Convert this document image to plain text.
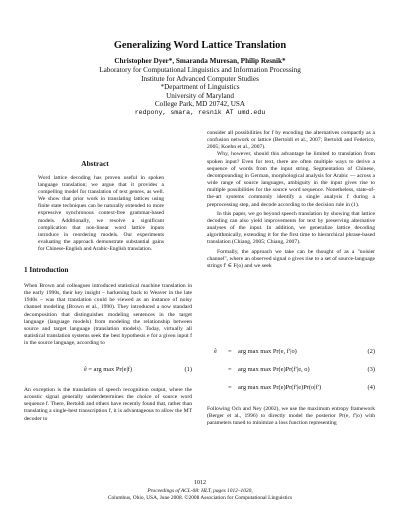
Generalizing Word Lattice Translation
Christopher Dyer*, Smaranda Muresan, Philip Resnik*
Laboratory for Computational Linguistics and Information Processing
Institute for Advanced Computer Studies
*Department of Linguistics
University of Maryland
College Park, MD 20742, USA
redpony, smara, resnik AT umd.edu
Abstract
Word lattice decoding has proven useful in spoken language translation; we argue that it provides a compelling model for translation of text genres, as well. We show that prior work in translating lattices using finite state techniques can be naturally extended to more expressive synchronous context-free grammar-based models. Additionally, we resolve a significant complication that non-linear word lattice inputs introduce in reordering models. Our experiments evaluating the approach demonstrate substantial gains for Chinese-English and Arabic-English translation.
1 Introduction

When Brown and colleagues introduced statistical machine translation in the early 1990s, their key insight – harkening back to Weaver in the late 1940s – was that translation could be viewed as an instance of noisy channel modeling (Brown et al., 1990). They introduced a now standard decomposition that distinguishes modeling sentences in the target language (language models) from modeling the relationship between source and target language (translation models). Today, virtually all statistical translation systems seek the best hypothesis e for a given input f in the source language, according to

ê = arg max Pr(e|f)	(1)

An exception is the translation of speech recognition output, where the acoustic signal generally underdetermines the choice of source word sequence f. There, Bertoldi and others have recently found that, rather than translating a single-best transcription f, it is advantageous to allow the MT decoder to

consider all possibilities for f by encoding the alternatives compactly as a confusion network or lattice (Bertoldi et al., 2007; Bertoldi and Federico, 2005; Koehn et al., 2007).

Why, however, should this advantage be limited to translation from spoken input? Even for text, there are often multiple ways to derive a sequence of words from the input string. Segmentation of Chinese, decompounding in German, morphological analysis for Arabic — across a wide range of source languages, ambiguity in the input gives rise to multiple possibilities for the source word sequence. Nonetheless, state-of-the-art systems commonly identify a single analysis f during a preprocessing step, and decode according to the decision rule in (1).

In this paper, we go beyond speech translation by showing that lattice decoding can also yield improvements for text by preserving alternative analyses of the input. In addition, we generalize lattice decoding algorithmically, extending it for the first time to hierarchical phrase-based translation (Chiang, 2005; Chiang, 2007).

Formally, the approach we take can be thought of as a "noisier channel", where an observed signal o gives rise to a set of source-language strings f′ ∈ F(o) and we seek

ê	= arg max max Pr(e, f′|o)	(2)
= arg max max Pr(e)Pr(f′|e, o)	(3)
= arg max max Pr(e)Pr(f′|e)Pr(o|f′)	(4)

Following Och and Ney (2002), we use the maximum entropy framework (Berger et al., 1996) to directly model the posterior Pr(e, f′|o) with parameters tuned to minimize a loss function representing

1012
Proceedings of ACL-08: HLT, pages 1012–1020,
Columbus, Ohio, USA, June 2008. ©2008 Association for Computational Linguistics
